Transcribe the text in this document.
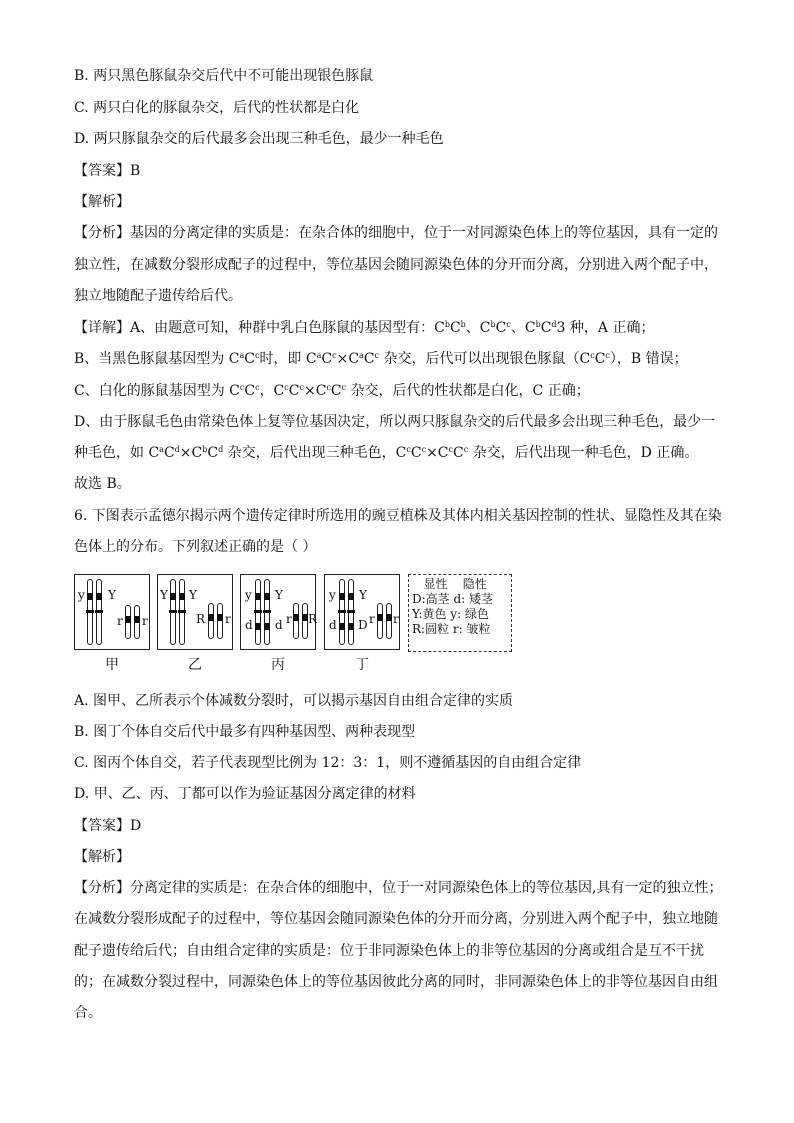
B. 两只黑色豚鼠杂交后代中不可能出现银色豚鼠
C. 两只白化的豚鼠杂交，后代的性状都是白化
D. 两只豚鼠杂交的后代最多会出现三种毛色，最少一种毛色
【答案】B
【解析】
【分析】基因的分离定律的实质是：在杂合体的细胞中，位于一对同源染色体上的等位基因，具有一定的
独立性，在减数分裂形成配子的过程中，等位基因会随同源染色体的分开而分离，分别进入两个配子中，
独立地随配子遗传给后代。
【详解】A、由题意可知，种群中乳白色豚鼠的基因型有：$C^bC^b$、$C^bC^c$、$C^bC^d3$ 种，A 正确；
B、当黑色豚鼠基因型为 $C^aC^c$时，即 $C^aC^c\times C^aC^c$ 杂交，后代可以出现银色豚鼠$(C^cC^c)$，B 错误；
C、白化的豚鼠基因型为 $C^cC^c$，$C^cC^c\times C^cC^c$ 杂交，后代的性状都是白化，C 正确；
D、由于豚鼠毛色由常染色体上复等位基因决定，所以两只豚鼠杂交的后代最多会出现三种毛色，最少一
种毛色，如 $C^aC^d\times C^bC^d$ 杂交，后代出现三种毛色，$C^cC^c\times C^cC^c$ 杂交，后代出现一种毛色，D 正确。
故选 B。
6. 下图表示孟德尔揭示两个遗传定律时所选用的豌豆植株及其体内相关基因控制的性状、显隐性及其在染
色体上的分布。下列叙述正确的是（ ）
y Y
r r
甲
Y Y
R r
乙
y
d
Y
d r R
丙
y
d
Y
D r r
丁
显性 隐性
D:高茎 d: 矮茎
Y:黄色 y: 绿色
R:圆粒 r: 皱粒
A. 图甲、乙所表示个体减数分裂时，可以揭示基因自由组合定律的实质
B. 图丁个体自交后代中最多有四种基因型、两种表现型
C. 图丙个体自交，若子代表现型比例为 12：3：1，则不遵循基因的自由组合定律
D. 甲、乙、丙、丁都可以作为验证基因分离定律的材料
【答案】D
【解析】
【分析】分离定律的实质是：在杂合体的细胞中，位于一对同源染色体上的等位基因,具有一定的独立性；
在减数分裂形成配子的过程中，等位基因会随同源染色体的分开而分离，分别进入两个配子中，独立地随
配子遗传给后代；自由组合定律的实质是：位于非同源染色体上的非等位基因的分离或组合是互不干扰
的；在减数分裂过程中，同源染色体上的等位基因彼此分离的同时，非同源染色体上的非等位基因自由组
合。
